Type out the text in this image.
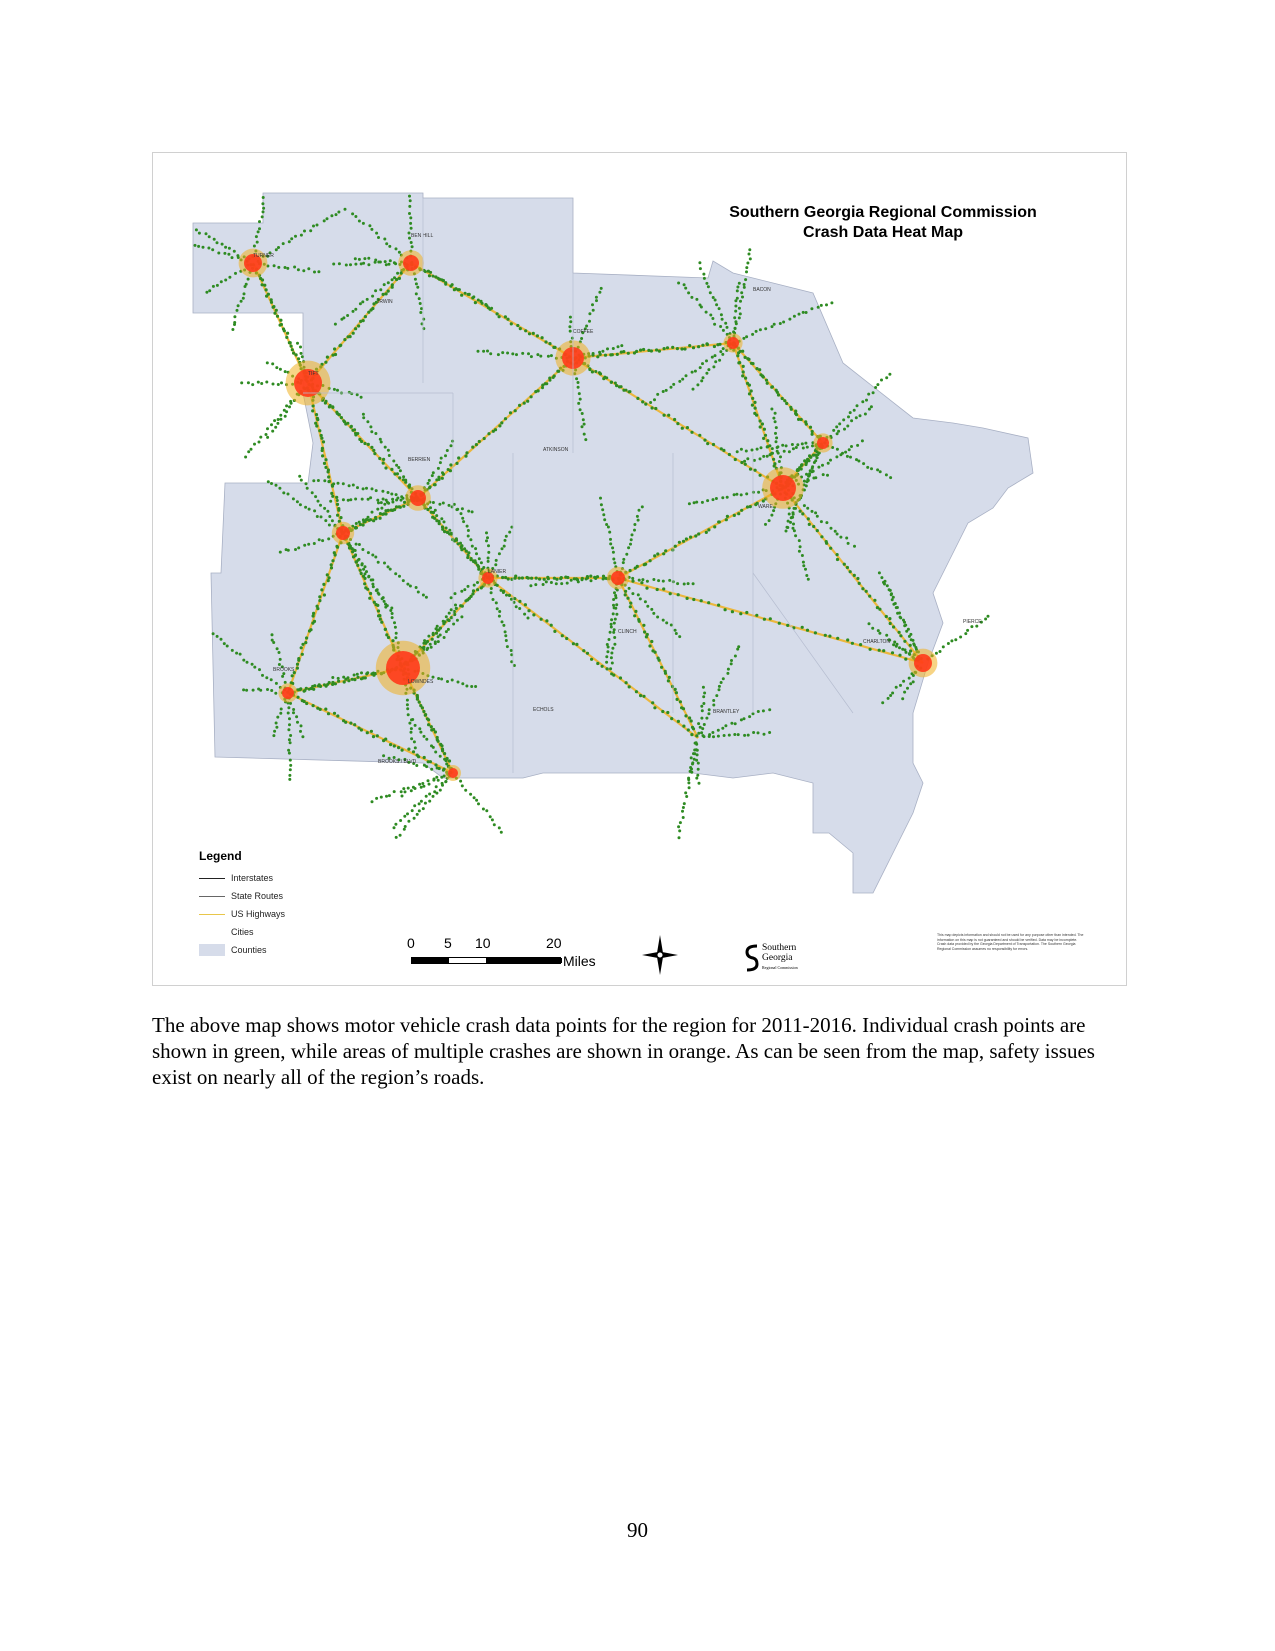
TURNER
BEN HILL
IRWIN
TIFT
COFFEE
BACON
ATKINSON
BERRIEN
WARE
LANIER
BROOKS
LOWNDES
CLINCH
ECHOLS
CHARLTON
BROOKS / BLVD
PIERCE
BRANTLEY
Southern Georgia Regional Commission
Crash Data Heat Map
Legend
Interstates
State Routes
US Highways
Cities
Counties	0 5 10	20
Miles
Southern
Georgia
Regional Commission
This map depicts information and should not be used for any purpose other than intended. The information on this map is not guaranteed and should be verified. Data may be incomplete. Crash data provided by the Georgia Department of Transportation. The Southern Georgia Regional Commission assumes no responsibility for errors.

The above map shows motor vehicle crash data points for the region for 2011-2016. Individual crash points are shown in green, while areas of multiple crashes are shown in orange. As can be seen from the map, safety issues exist on nearly all of the region’s roads.

90
